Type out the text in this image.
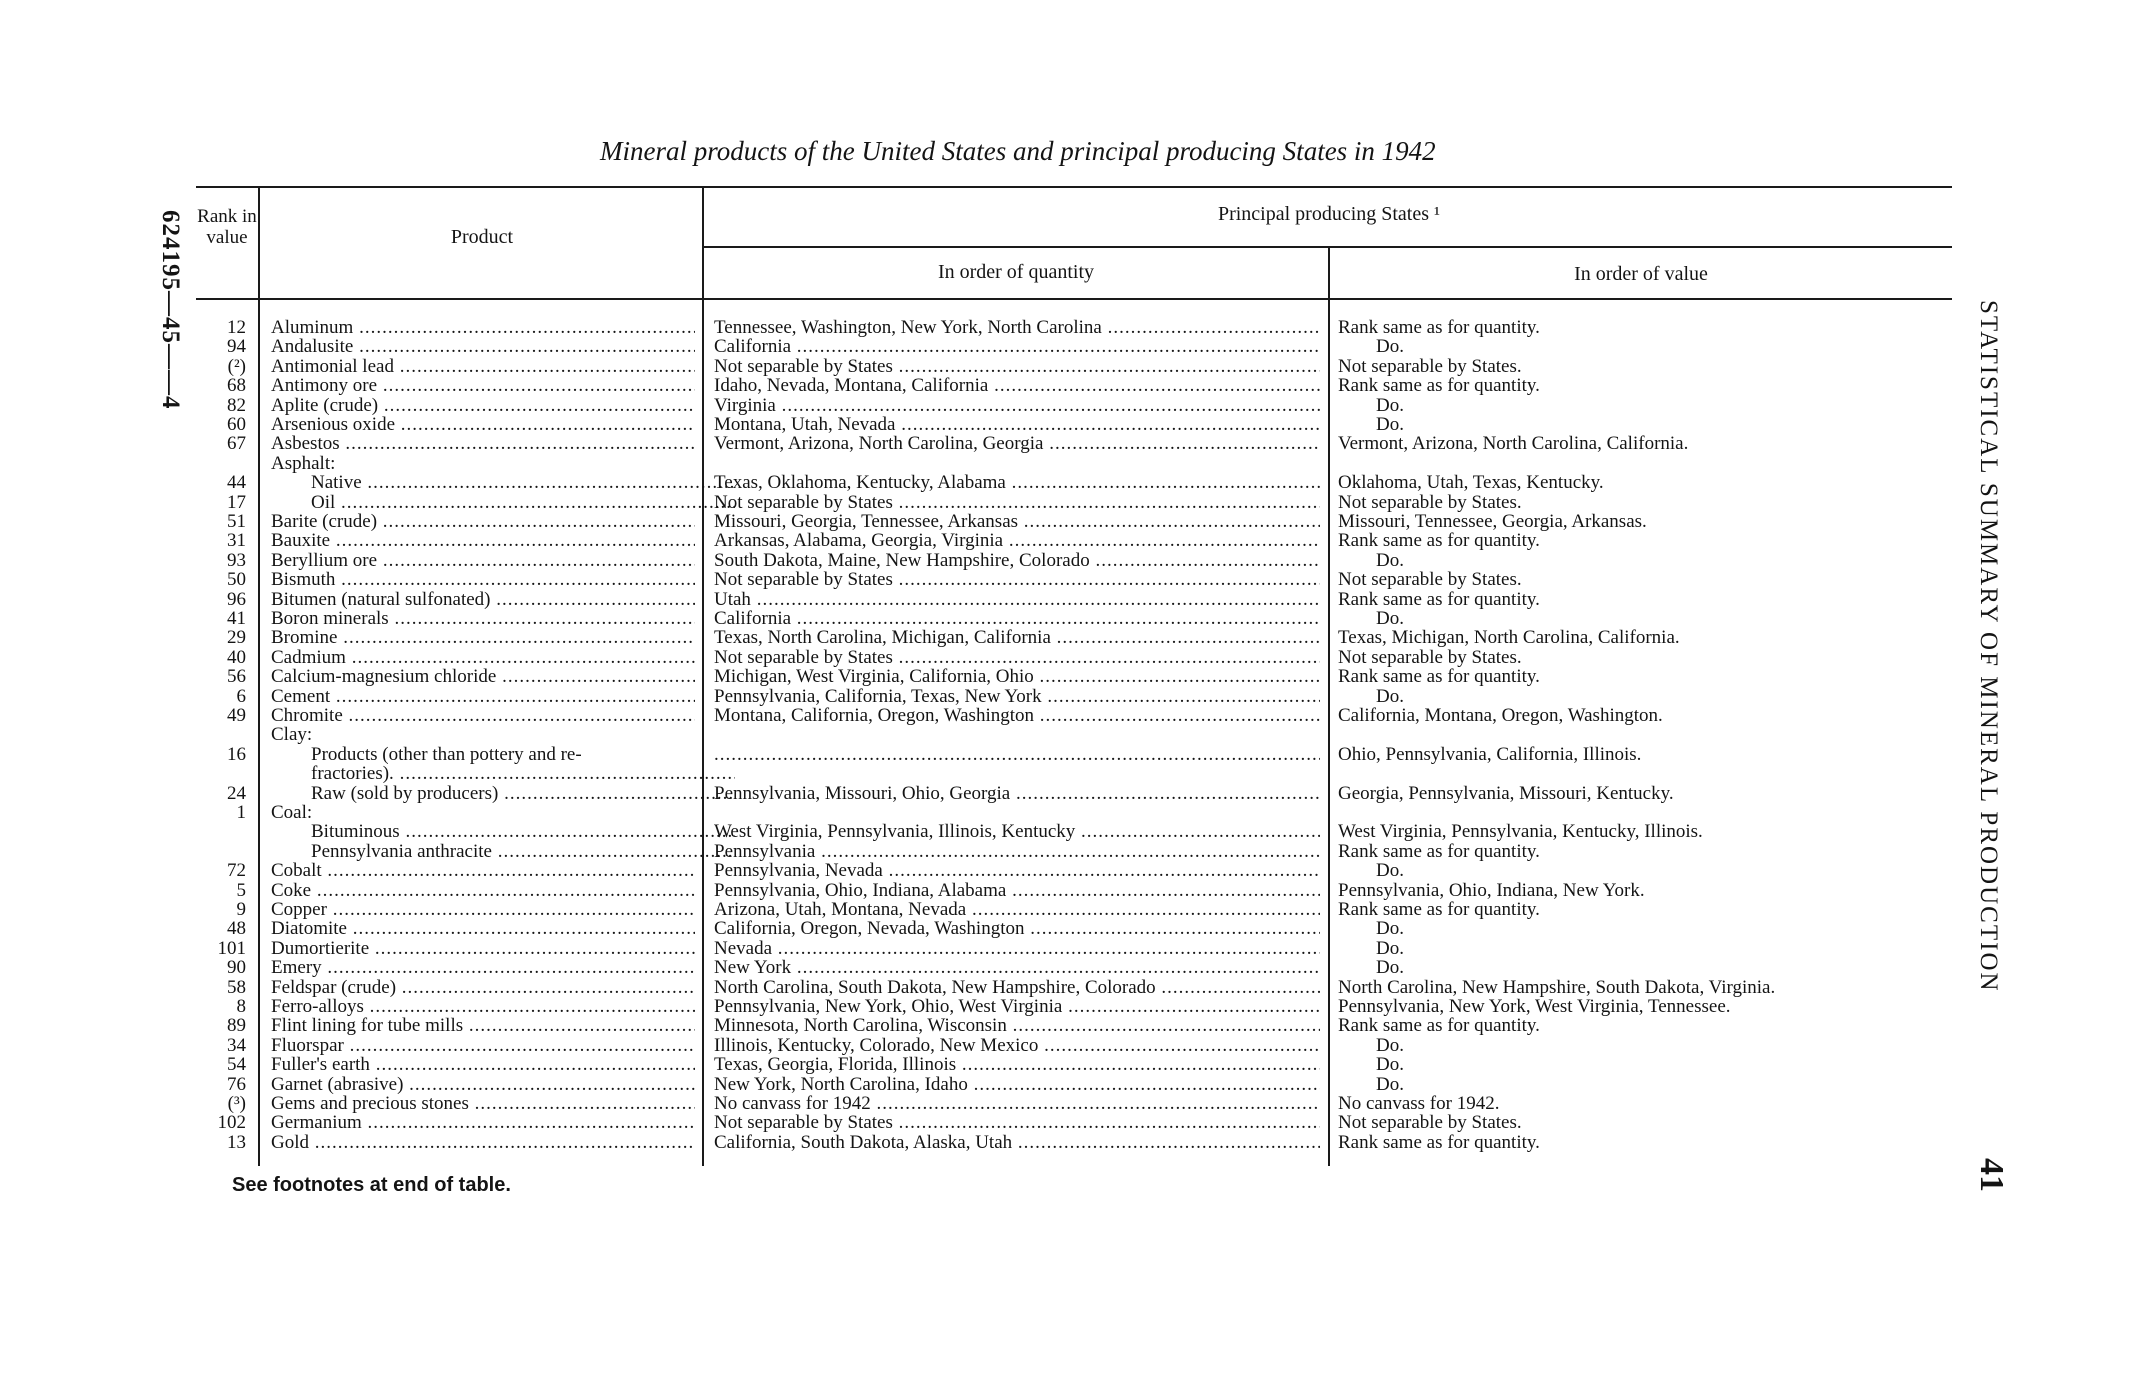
Mineral products of the United States and principal producing States in 1942
Rank in value	Product
Principal producing States ¹
In order of quantity	In order of value
12 Aluminum .....	Tennessee, Washington, New York, North Carolina .....	Rank same as for quantity.
94 Andalusite .....	California .....	Do.
(²) Antimonial lead .....	Not separable by States .....	Not separable by States.
68 Antimony ore .....	Idaho, Nevada, Montana, California .....	Rank same as for quantity.
82 Aplite (crude) .....	Virginia .....	Do.
60 Arsenious oxide .....	Montana, Utah, Nevada .....	Do.
67 Asbestos .....	Vermont, Arizona, North Carolina, Georgia .....	Vermont, Arizona, North Carolina, California.
Asphalt:
44	Native .....	Texas, Oklahoma, Kentucky, Alabama .....	Oklahoma, Utah, Texas, Kentucky.
17	Oil .....	Not separable by States .....	Not separable by States.
51 Barite (crude) .....	Missouri, Georgia, Tennessee, Arkansas .....	Missouri, Tennessee, Georgia, Arkansas.
31 Bauxite .....	Arkansas, Alabama, Georgia, Virginia .....	Rank same as for quantity.
93 Beryllium ore .....	South Dakota, Maine, New Hampshire, Colorado .....	Do.
50 Bismuth .....	Not separable by States .....	Not separable by States.
96 Bitumen (natural sulfonated) .....	Utah .....	Rank same as for quantity.
41 Boron minerals .....	California .....	Do.
29 Bromine .....	Texas, North Carolina, Michigan, California .....	Texas, Michigan, North Carolina, California.
40 Cadmium .....	Not separable by States .....	Not separable by States.
56 Calcium-magnesium chloride .....	Michigan, West Virginia, California, Ohio .....	Rank same as for quantity.
6 Cement .....	Pennsylvania, California, Texas, New York .....	Do.
49 Chromite .....	Montana, California, Oregon, Washington .....	California, Montana, Oregon, Washington.
Clay:
16	Products (other than pottery and re-
.....	Ohio, Pennsylvania, California, Illinois.
fractories). .....
24	Raw (sold by producers) .....	Pennsylvania, Missouri, Ohio, Georgia .....	Georgia, Pennsylvania, Missouri, Kentucky.
1 Coal:
Bituminous .....	West Virginia, Pennsylvania, Illinois, Kentucky .....	West Virginia, Pennsylvania, Kentucky, Illinois.
Pennsylvania anthracite .....	Pennsylvania .....	Rank same as for quantity.
72 Cobalt .....	Pennsylvania, Nevada .....	Do.
5 Coke .....	Pennsylvania, Ohio, Indiana, Alabama .....	Pennsylvania, Ohio, Indiana, New York.
9 Copper .....	Arizona, Utah, Montana, Nevada .....	Rank same as for quantity.
48 Diatomite .....	California, Oregon, Nevada, Washington .....	Do.
101 Dumortierite .....	Nevada .....	Do.
90 Emery .....	New York .....	Do.
58 Feldspar (crude) .....	North Carolina, South Dakota, New Hampshire, Colorado .....	North Carolina, New Hampshire, South Dakota, Virginia.
8 Ferro-alloys .....	Pennsylvania, New York, Ohio, West Virginia .....	Pennsylvania, New York, West Virginia, Tennessee.
89 Flint lining for tube mills .....	Minnesota, North Carolina, Wisconsin .....	Rank same as for quantity.
34 Fluorspar .....	Illinois, Kentucky, Colorado, New Mexico .....	Do.
54 Fuller's earth .....	Texas, Georgia, Florida, Illinois .....	Do.
76 Garnet (abrasive) .....	New York, North Carolina, Idaho .....	Do.
(³) Gems and precious stones .....	No canvass for 1942 .....	No canvass for 1942.
102 Germanium .....	Not separable by States .....	Not separable by States.
13 Gold .....	California, South Dakota, Alaska, Utah .....	Rank same as for quantity.
624195—45——4	STATISTICAL SUMMARY OF MINERAL PRODUCTION
41
See footnotes at end of table.
